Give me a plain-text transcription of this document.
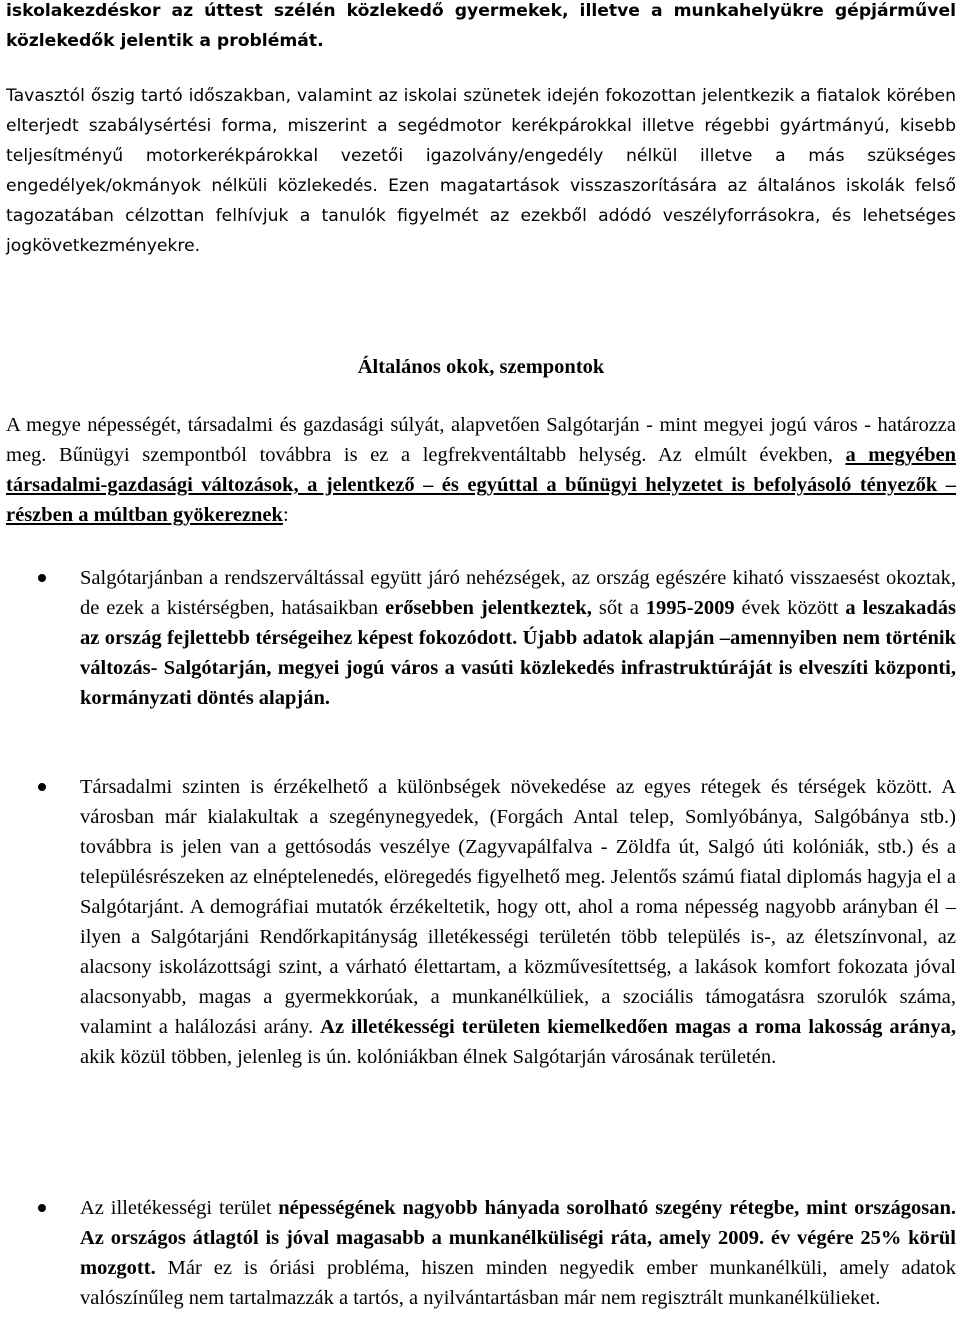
iskolakezdéskor az úttest szélén közlekedő gyermekek, illetve a munkahelyükre gépjárművel közlekedők jelentik a problémát.

Tavasztól őszig tartó időszakban, valamint az iskolai szünetek idején fokozottan jelentkezik a fiatalok körében elterjedt szabálysértési forma, miszerint a segédmotor kerékpárokkal illetve régebbi gyártmányú, kisebb teljesítményű motorkerékpárokkal vezetői igazolvány/engedély nélkül illetve a más szükséges engedélyek/okmányok nélküli közlekedés. Ezen magatartások visszaszorítására az általános iskolák felső tagozatában célzottan felhívjuk a tanulók figyelmét az ezekből adódó veszélyforrásokra, és lehetséges jogkövetkezményekre.

Általános okok, szempontok

A megye népességét, társadalmi és gazdasági súlyát, alapvetően Salgótarján - mint megyei jogú város - határozza meg. Bűnügyi szempontból továbbra is ez a legfrekventáltabb helység. Az elmúlt években, a megyében társadalmi-gazdasági változások, a jelentkező – és egyúttal a bűnügyi helyzetet is befolyásoló tényezők – részben a múltban gyökereznek:

Salgótarjánban a rendszerváltással együtt járó nehézségek, az ország egészére kiható visszaesést okoztak, de ezek a kistérségben, hatásaikban erősebben jelentkeztek, sőt a 1995-2009 évek között a leszakadás az ország fejlettebb térségeihez képest fokozódott. Újabb adatok alapján –amennyiben nem történik változás- Salgótarján, megyei jogú város a vasúti közlekedés infrastruktúráját is elveszíti központi, kormányzati döntés alapján.

Társadalmi szinten is érzékelhető a különbségek növekedése az egyes rétegek és térségek között. A városban már kialakultak a szegénynegyedek, (Forgách Antal telep, Somlyóbánya, Salgóbánya stb.) továbbra is jelen van a gettósodás veszélye (Zagyvapálfalva - Zöldfa út, Salgó úti kolóniák, stb.) és a településrészeken az elnéptelenedés, elöregedés figyelhető meg. Jelentős számú fiatal diplomás hagyja el a Salgótarjánt. A demográfiai mutatók érzékeltetik, hogy ott, ahol a roma népesség nagyobb arányban él –ilyen a Salgótarjáni Rendőrkapitányság illetékességi területén több település is-, az életszínvonal, az alacsony iskolázottsági szint, a várható élettartam, a közművesítettség, a lakások komfort fokozata jóval alacsonyabb, magas a gyermekkorúak, a munkanélküliek, a szociális támogatásra szorulók száma, valamint a halálozási arány. Az illetékességi területen kiemelkedően magas a roma lakosság aránya, akik közül többen, jelenleg is ún. kolóniákban élnek Salgótarján városának területén.

Az illetékességi terület népességének nagyobb hányada sorolható szegény rétegbe, mint országosan. Az országos átlagtól is jóval magasabb a munkanélküliségi ráta, amely 2009. év végére 25% körül mozgott. Már ez is óriási probléma, hiszen minden negyedik ember munkanélküli, amely adatok valószínűleg nem tartalmazzák a tartós, a nyilvántartásban már nem regisztrált munkanélkülieket.
